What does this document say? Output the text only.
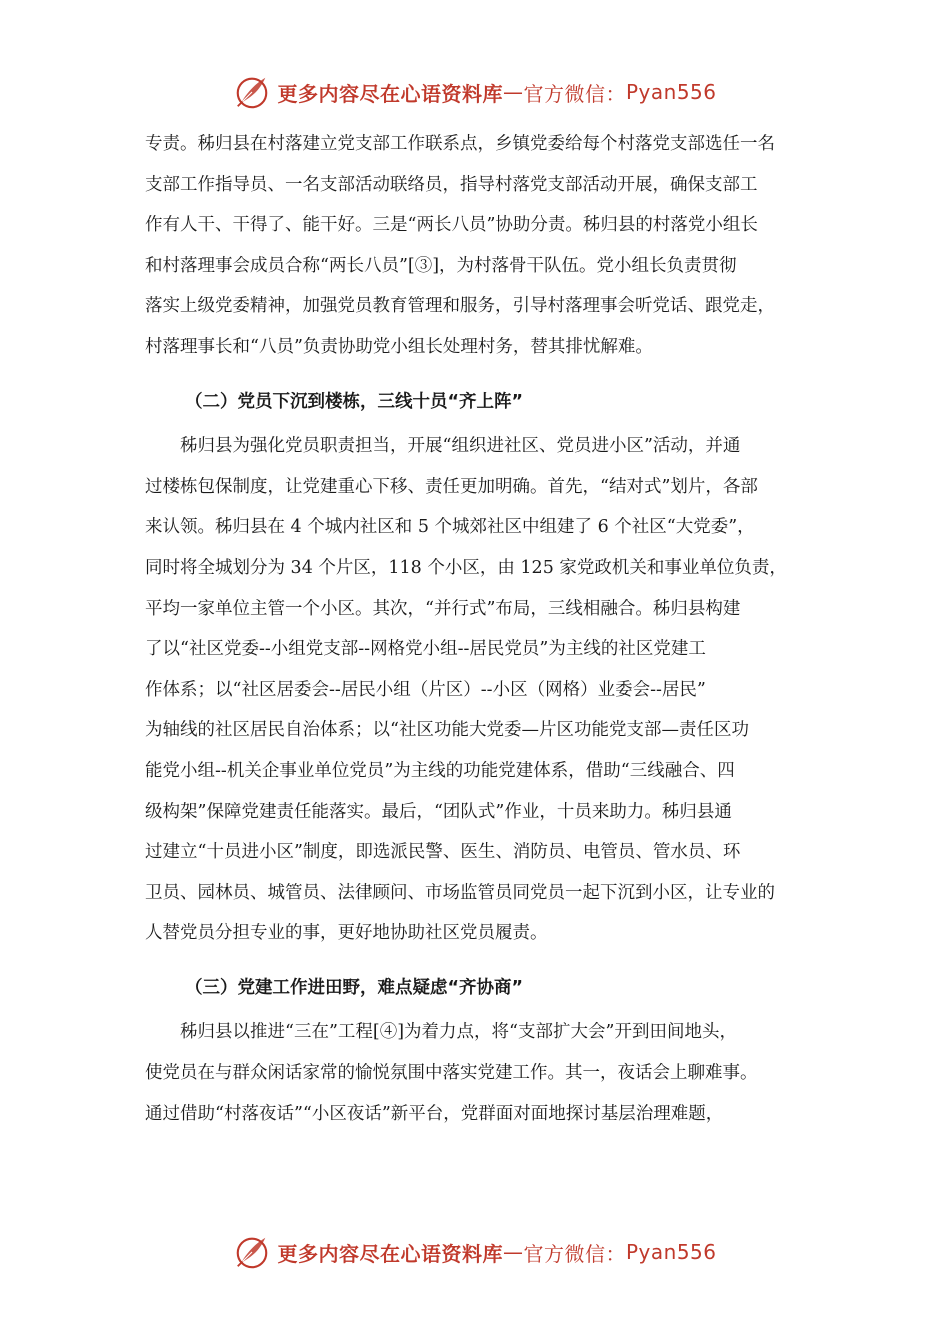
更多内容尽在心语资料库 — 官方微信： Pyan556
专责。秭归县在村落建立党支部工作联系点，乡镇党委给每个村落党支部选任一名
支部工作指导员、一名支部活动联络员，指导村落党支部活动开展，确保支部工
作有人干、干得了、能干好。三是“两长八员”协助分责。秭归县的村落党小组长
和村落理事会成员合称“两长八员”[③]，为村落骨干队伍。党小组长负责贯彻
落实上级党委精神，加强党员教育管理和服务，引导村落理事会听党话、跟党走，
村落理事长和“八员”负责协助党小组长处理村务，替其排忧解难。
（二）党员下沉到楼栋，三线十员“齐上阵”
秭归县为强化党员职责担当，开展“组织进社区、党员进小区”活动，并通
过楼栋包保制度，让党建重心下移、责任更加明确。首先，“结对式”划片，各部
来认领。秭归县在 4 个城内社区和 5 个城郊社区中组建了 6 个社区“大党委”，
同时将全城划分为 34 个片区，118 个小区，由 125 家党政机关和事业单位负责，
平均一家单位主管一个小区。其次，“并行式”布局，三线相融合。秭归县构建
了以“社区党委--小组党支部--网格党小组--居民党员”为主线的社区党建工
作体系；以“社区居委会--居民小组（片区）--小区（网格）业委会--居民”
为轴线的社区居民自治体系；以“社区功能大党委—片区功能党支部—责任区功
能党小组--机关企事业单位党员”为主线的功能党建体系，借助“三线融合、四
级构架”保障党建责任能落实。最后，“团队式”作业，十员来助力。秭归县通
过建立“十员进小区”制度，即选派民警、医生、消防员、电管员、管水员、环
卫员、园林员、城管员、法律顾问、市场监管员同党员一起下沉到小区，让专业的
人替党员分担专业的事，更好地协助社区党员履责。
（三）党建工作进田野，难点疑虑“齐协商”
秭归县以推进“三在”工程[④]为着力点，将“支部扩大会”开到田间地头，
使党员在与群众闲话家常的愉悦氛围中落实党建工作。其一，夜话会上聊难事。
通过借助“村落夜话”“小区夜话”新平台，党群面对面地探讨基层治理难题，
更多内容尽在心语资料库 — 官方微信： Pyan556
